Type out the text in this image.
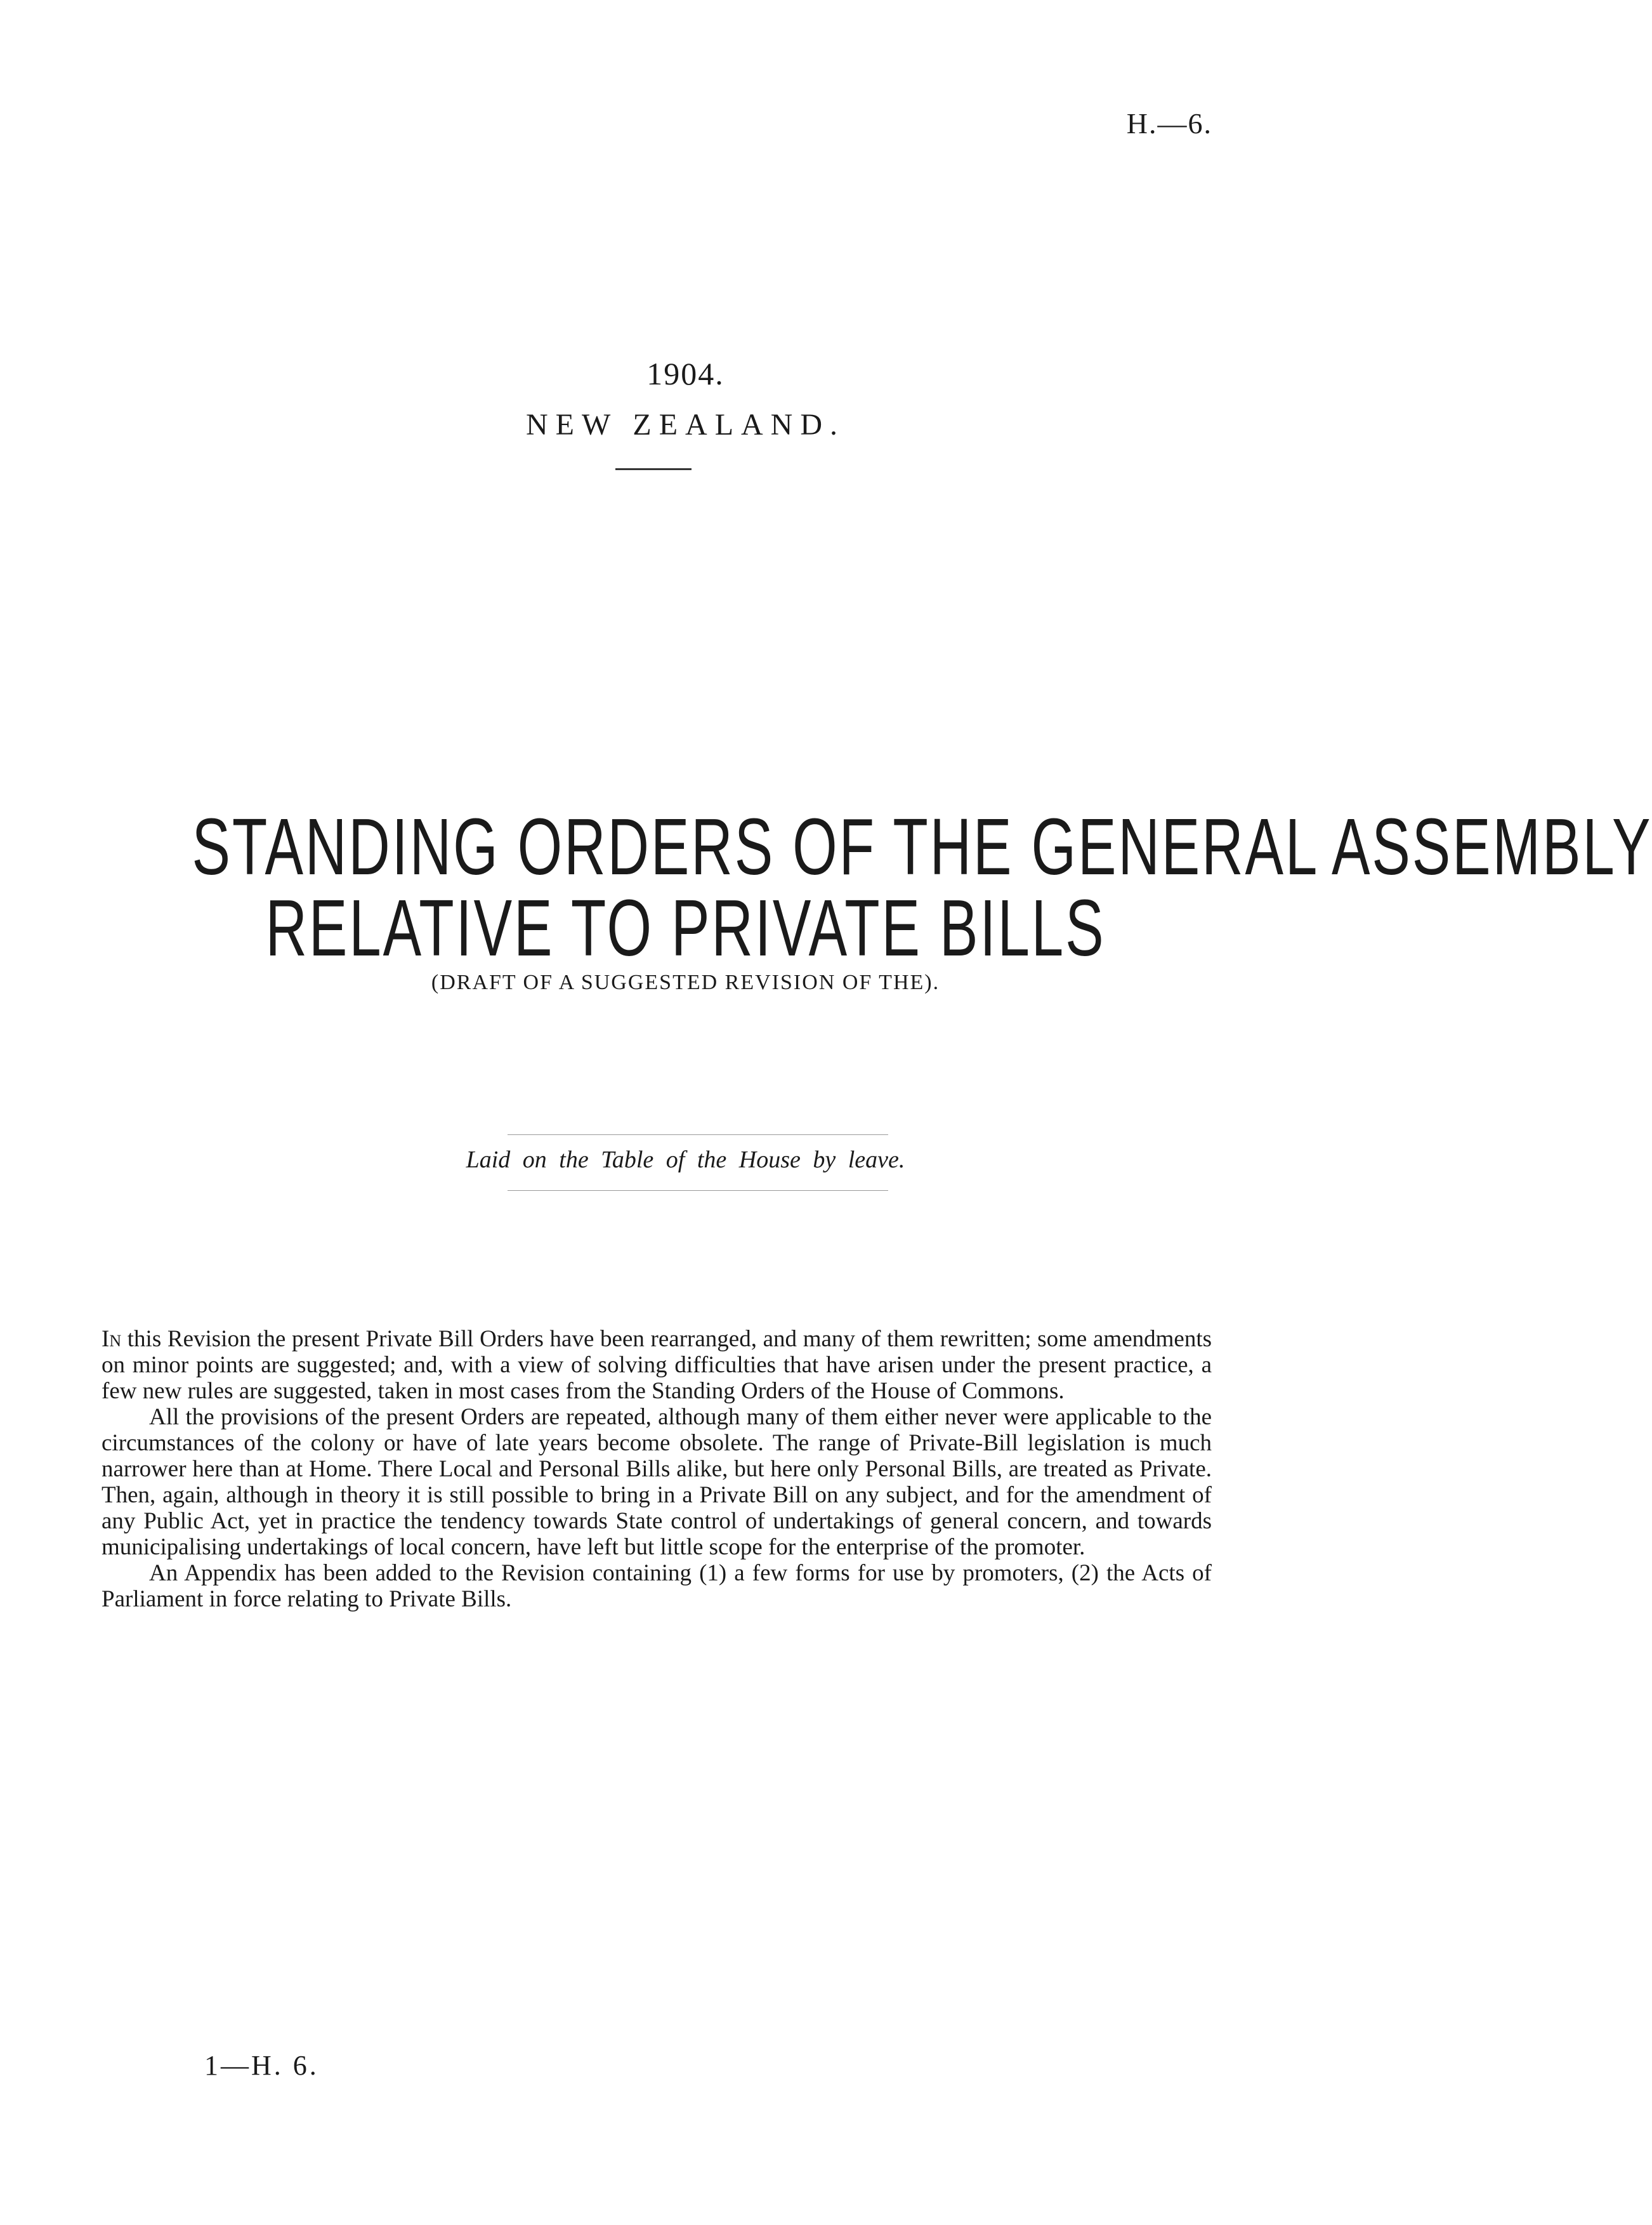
H.—6.
1904.
NEW ZEALAND.
STANDING ORDERS OF THE GENERAL ASSEMBLY
RELATIVE TO PRIVATE BILLS
(DRAFT OF A SUGGESTED REVISION OF THE).
Laid on the Table of the House by leave.

In this Revision the present Private Bill Orders have been rearranged, and many of them rewritten; some amendments on minor points are suggested; and, with a view of solving difficulties that have arisen under the present practice, a few new rules are suggested, taken in most cases from the Standing Orders of the House of Commons.

All the provisions of the present Orders are repeated, although many of them either never were applicable to the circumstances of the colony or have of late years become obsolete. The range of Private-Bill legislation is much narrower here than at Home. There Local and Personal Bills alike, but here only Personal Bills, are treated as Private. Then, again, although in theory it is still possible to bring in a Private Bill on any subject, and for the amendment of any Public Act, yet in practice the tendency towards State control of undertakings of general concern, and towards municipalising undertakings of local concern, have left but little scope for the enterprise of the promoter.

An Appendix has been added to the Revision containing (1) a few forms for use by promoters, (2) the Acts of Parliament in force relating to Private Bills.

1—H. 6.
